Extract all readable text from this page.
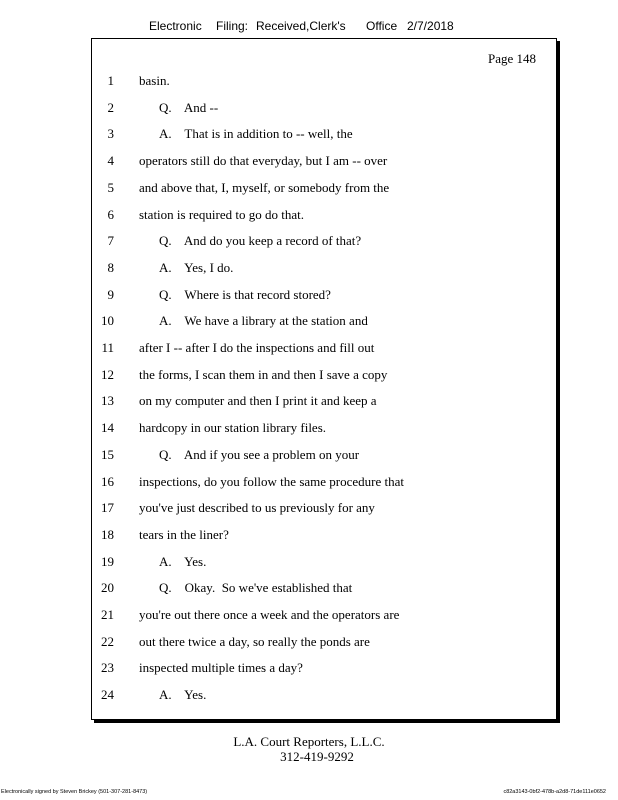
Electronic Filing: Received,Clerk's Office 2/7/2018
Page 148
1 basin.
2	Q.    And --
3	A.    That is in addition to -- well, the
4 operators still do that everyday, but I am -- over
5 and above that, I, myself, or somebody from the
6 station is required to go do that.
7	Q.    And do you keep a record of that?
8	A.    Yes, I do.
9	Q.    Where is that record stored?
10	A.    We have a library at the station and
11 after I -- after I do the inspections and fill out
12 the forms, I scan them in and then I save a copy
13 on my computer and then I print it and keep a
14 hardcopy in our station library files.
15	Q.    And if you see a problem on your
16 inspections, do you follow the same procedure that
17 you've just described to us previously for any
18 tears in the liner?
19	A.    Yes.
20	Q.    Okay.  So we've established that
21 you're out there once a week and the operators are
22 out there twice a day, so really the ponds are
23 inspected multiple times a day?
24	A.    Yes.
L.A. Court Reporters, L.L.C.
312-419-9292
Electronically signed by Steven Brickey (501-307-281-8473)	c82a3143-0bf2-478b-a2d8-71de111e0652
